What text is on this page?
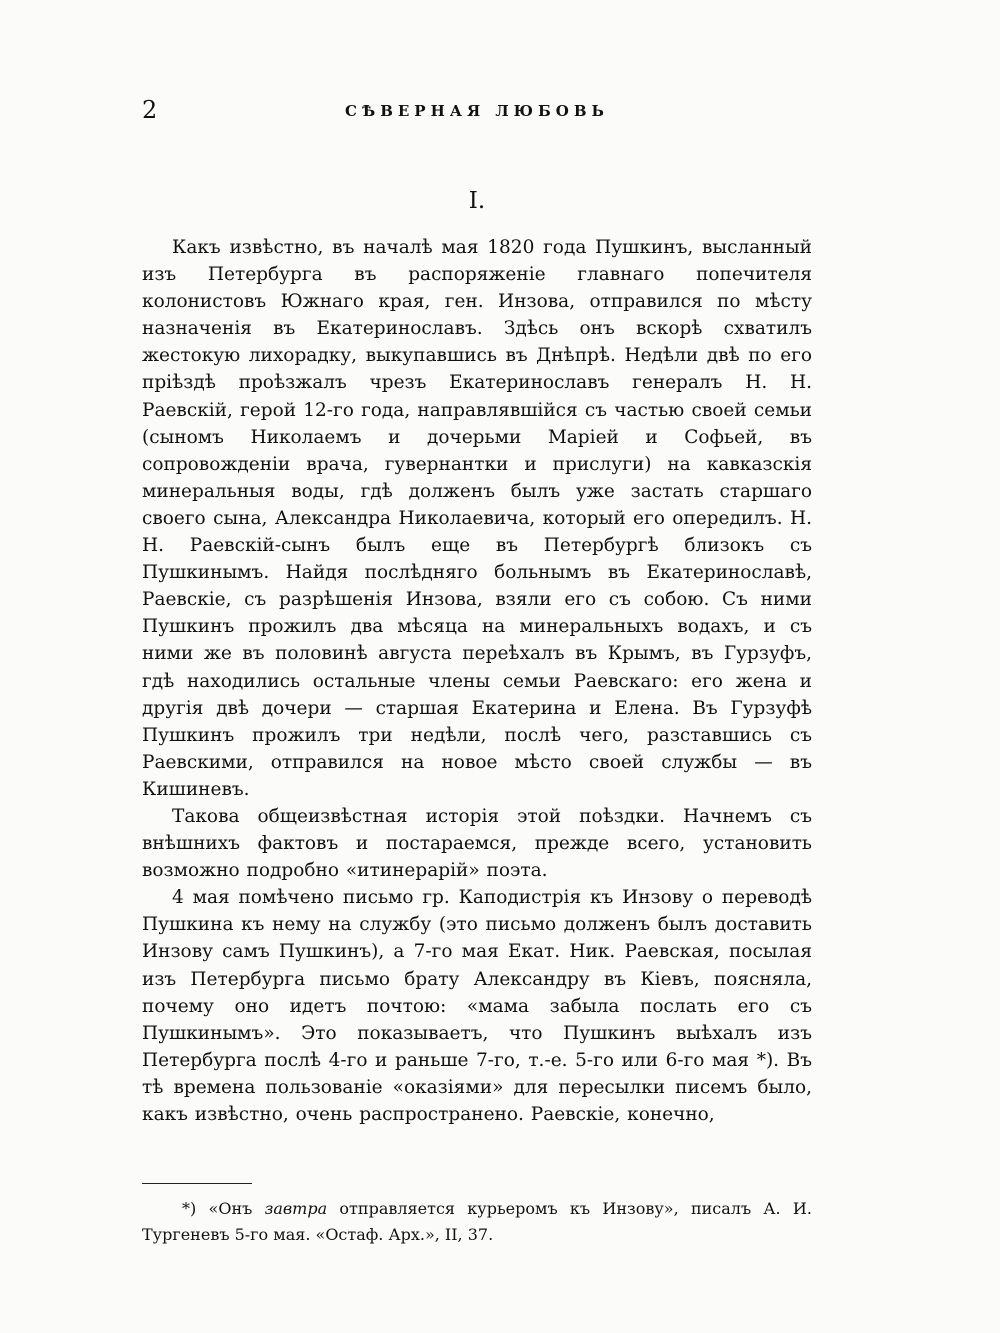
2	СѢВЕРНАЯ ЛЮБОВЬ
I.

Какъ извѣстно, въ началѣ мая 1820 года Пушкинъ, высланный изъ Петербурга въ распоряженіе главнаго попечителя колонистовъ Южнаго края, ген. Инзова, отправился по мѣсту назначенія въ Екатеринославъ. Здѣсь онъ вскорѣ схватилъ жестокую лихорадку, выкупавшись въ Днѣпрѣ. Недѣли двѣ по его пріѣздѣ проѣзжалъ чрезъ Екатеринославъ генералъ Н. Н. Раевскій, герой 12-го года, направлявшійся съ частью своей семьи (сыномъ Николаемъ и дочерьми Маріей и Софьей, въ сопровожденіи врача, гувернантки и прислуги) на кавказскія минеральныя воды, гдѣ долженъ былъ уже застать старшаго своего сына, Александра Николаевича, который его опередилъ. Н. Н. Раевскій-сынъ былъ еще въ Петербургѣ близокъ съ Пушкинымъ. Найдя послѣдняго больнымъ въ Екатеринославѣ, Раевскіе, съ разрѣшенія Инзова, взяли его съ собою. Съ ними Пушкинъ прожилъ два мѣсяца на минеральныхъ водахъ, и съ ними же въ половинѣ августа переѣхалъ въ Крымъ, въ Гурзуфъ, гдѣ находились остальные члены семьи Раевскаго: его жена и другія двѣ дочери — старшая Екатерина и Елена. Въ Гурзуфѣ Пушкинъ прожилъ три недѣли, послѣ чего, разставшись съ Раевскими, отправился на новое мѣсто своей службы — въ Кишиневъ.

Такова общеизвѣстная исторія этой поѣздки. Начнемъ съ внѣшнихъ фактовъ и постараемся, прежде всего, установить возможно подробно «итинерарій» поэта.

4 мая помѣчено письмо гр. Каподистрія къ Инзову о переводѣ Пушкина къ нему на службу (это письмо долженъ былъ доставить Инзову самъ Пушкинъ), а 7-го мая Екат. Ник. Раевская, посылая изъ Петербурга письмо брату Александру въ Кіевъ, поясняла, почему оно идетъ почтою: «мама забыла послать его съ Пушкинымъ». Это показываетъ, что Пушкинъ выѣхалъ изъ Петербурга послѣ 4-го и раньше 7-го, т.-е. 5-го или 6-го мая *). Въ тѣ времена пользованіе «оказіями» для пересылки писемъ было, какъ извѣстно, очень распространено. Раевскіе, конечно,

*) «Онъ завтра отправляется курьеромъ къ Инзову», писалъ А. И. Тургеневъ 5-го мая. «Остаф. Арх.», II, 37.
